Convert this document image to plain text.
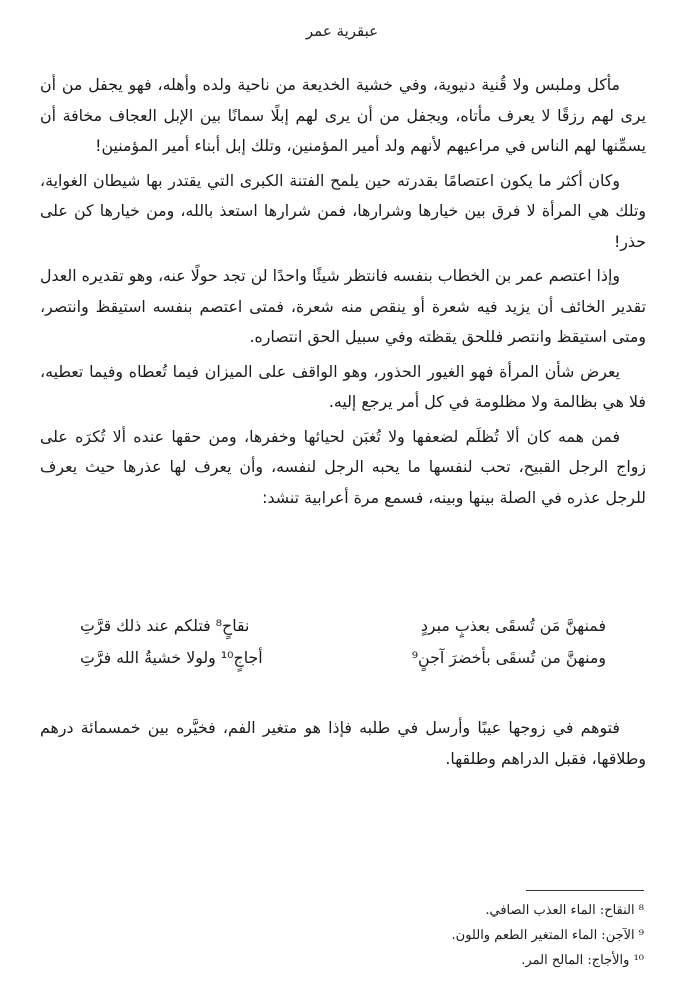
عبقرية عمر

مأكل وملبس ولا قُنية دنيوية، وفي خشية الخديعة من ناحية ولده وأهله، فهو يجفل من أن يرى لهم رزقًا لا يعرف مأتاه، ويجفل من أن يرى لهم إبلًا سمانًا بين الإبل العجاف مخافة أن يسمِّنها لهم الناس في مراعيهم لأنهم ولد أمير المؤمنين، وتلك إبل أبناء أمير المؤمنين!

وكان أكثر ما يكون اعتصامًا بقدرته حين يلمح الفتنة الكبرى التي يقتدر بها شيطان الغواية، وتلك هي المرأة لا فرق بين خيارها وشرارها، فمن شرارها استعذ بالله، ومن خيارها كن على حذر!

وإذا اعتصم عمر بن الخطاب بنفسه فانتظر شيئًا واحدًا لن تجد حولًا عنه، وهو تقديره العدل تقدير الخائف أن يزيد فيه شعرة أو ينقص منه شعرة، فمتى اعتصم بنفسه استيقظ وانتصر، ومتى استيقظ وانتصر فللحق يقظته وفي سبيل الحق انتصاره.

يعرض شأن المرأة فهو الغيور الحذور، وهو الواقف على الميزان فيما تُعطاه وفيما تعطيه، فلا هي بظالمة ولا مظلومة في كل أمر يرجع إليه.

فمن همه كان ألا تُظلَم لضعفها ولا تُغبَن لحيائها وخفرها، ومن حقها عنده ألا تُكرَه على زواج الرجل القبيح، تحب لنفسها ما يحبه الرجل لنفسه، وأن يعرف لها عذرها حيث يعرف للرجل عذره في الصلة بينها وبينه، فسمع مرة أعرابية تنشد:

فمنهنَّ مَن تُسقَى بعذبٍ مبردٍ
نقاحٍ⁸ فتلكم عند ذلك قرَّتِ
ومنهنَّ من تُسقَى بأخضرَ آجنٍ⁹
أجاجٍ¹⁰ ولولا خشيةُ الله فرَّتِ

فتوهم في زوجها عيبًا وأرسل في طلبه فإذا هو متغير الفم، فخيَّره بين خمسمائة درهم وطلاقها، فقبل الدراهم وطلقها.

⁸ النقاح: الماء العذب الصافي.
⁹ الآجن: الماء المتغير الطعم واللون.
¹⁰ والأجاج: المالح المر.
